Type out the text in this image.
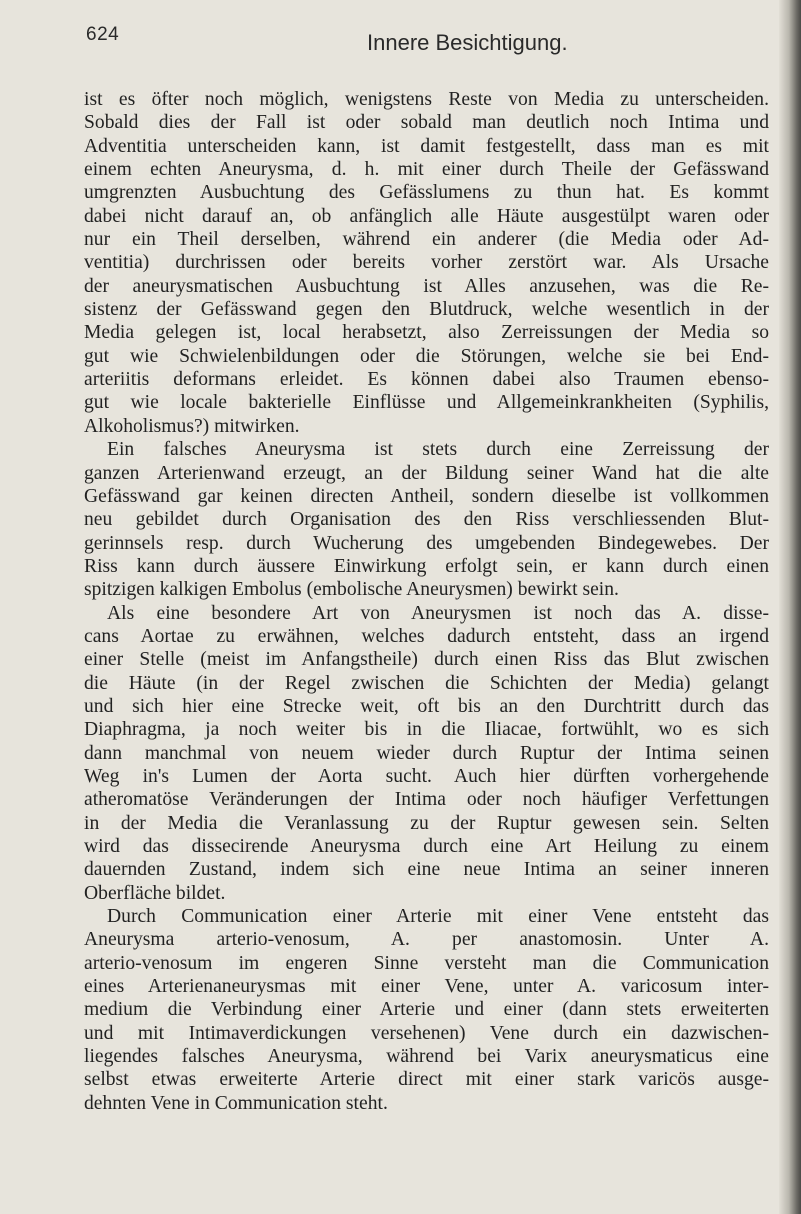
624	Innere Besichtigung.
ist es öfter noch möglich, wenigstens Reste von Media zu unterscheiden.
Sobald dies der Fall ist oder sobald man deutlich noch Intima und
Adventitia unterscheiden kann, ist damit festgestellt, dass man es mit
einem echten Aneurysma, d. h. mit einer durch Theile der Gefässwand
umgrenzten Ausbuchtung des Gefässlumens zu thun hat. Es kommt
dabei nicht darauf an, ob anfänglich alle Häute ausgestülpt waren oder
nur ein Theil derselben, während ein anderer (die Media oder Ad-
ventitia) durchrissen oder bereits vorher zerstört war. Als Ursache
der aneurysmatischen Ausbuchtung ist Alles anzusehen, was die Re-
sistenz der Gefässwand gegen den Blutdruck, welche wesentlich in der
Media gelegen ist, local herabsetzt, also Zerreissungen der Media so
gut wie Schwielenbildungen oder die Störungen, welche sie bei End-
arteriitis deformans erleidet. Es können dabei also Traumen ebenso-
gut wie locale bakterielle Einflüsse und Allgemeinkrankheiten (Syphilis,
Alkoholismus?) mitwirken.
Ein falsches Aneurysma ist stets durch eine Zerreissung der
ganzen Arterienwand erzeugt, an der Bildung seiner Wand hat die alte
Gefässwand gar keinen directen Antheil, sondern dieselbe ist vollkommen
neu gebildet durch Organisation des den Riss verschliessenden Blut-
gerinnsels resp. durch Wucherung des umgebenden Bindegewebes. Der
Riss kann durch äussere Einwirkung erfolgt sein, er kann durch einen
spitzigen kalkigen Embolus (embolische Aneurysmen) bewirkt sein.
Als eine besondere Art von Aneurysmen ist noch das A. disse-
cans Aortae zu erwähnen, welches dadurch entsteht, dass an irgend
einer Stelle (meist im Anfangstheile) durch einen Riss das Blut zwischen
die Häute (in der Regel zwischen die Schichten der Media) gelangt
und sich hier eine Strecke weit, oft bis an den Durchtritt durch das
Diaphragma, ja noch weiter bis in die Iliacae, fortwühlt, wo es sich
dann manchmal von neuem wieder durch Ruptur der Intima seinen
Weg in's Lumen der Aorta sucht. Auch hier dürften vorhergehende
atheromatöse Veränderungen der Intima oder noch häufiger Verfettungen
in der Media die Veranlassung zu der Ruptur gewesen sein. Selten
wird das dissecirende Aneurysma durch eine Art Heilung zu einem
dauernden Zustand, indem sich eine neue Intima an seiner inneren
Oberfläche bildet.
Durch Communication einer Arterie mit einer Vene entsteht das
Aneurysma arterio-venosum, A. per anastomosin. Unter A.
arterio-venosum im engeren Sinne versteht man die Communication
eines Arterienaneurysmas mit einer Vene, unter A. varicosum inter-
medium die Verbindung einer Arterie und einer (dann stets erweiterten
und mit Intimaverdickungen versehenen) Vene durch ein dazwischen-
liegendes falsches Aneurysma, während bei Varix aneurysmaticus eine
selbst etwas erweiterte Arterie direct mit einer stark varicös ausge-
dehnten Vene in Communication steht.
